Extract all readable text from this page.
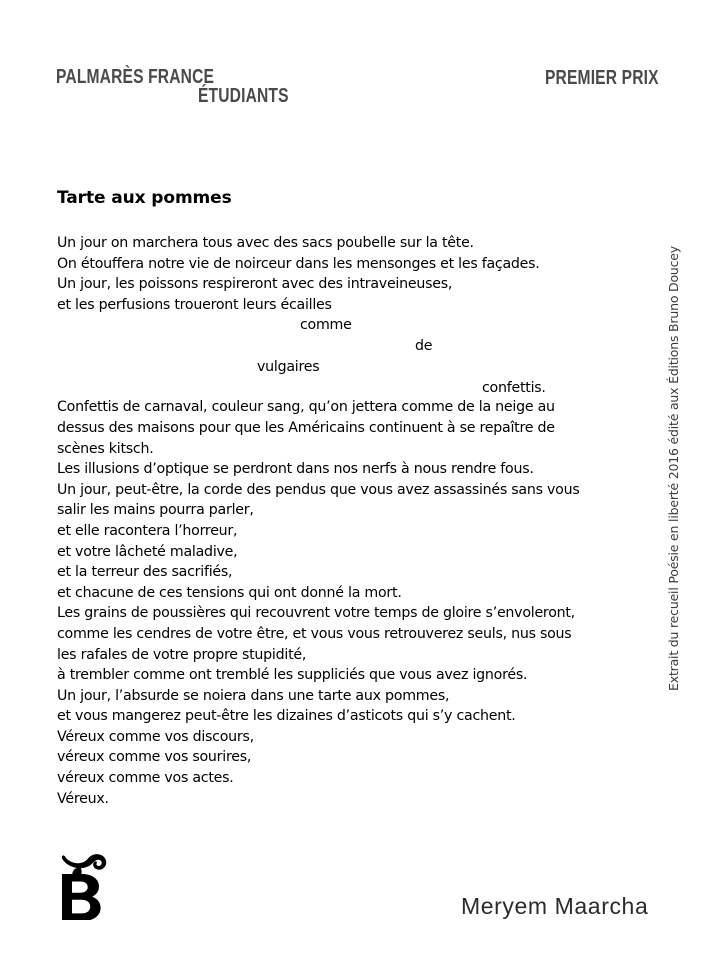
PALMARÈS FRANCE
ÉTUDIANTS
PREMIER PRIX
Tarte aux pommes
Un jour on marchera tous avec des sacs poubelle sur la tête.
On étouffera notre vie de noirceur dans les mensonges et les façades.
Un jour, les poissons respireront avec des intraveineuses,
et les perfusions troueront leurs écailles
comme
de
vulgaires
confettis.
Confettis de carnaval, couleur sang, qu’on jettera comme de la neige au
dessus des maisons pour que les Américains continuent à se repaître de
scènes kitsch.
Les illusions d’optique se perdront dans nos nerfs à nous rendre fous.
Un jour, peut-être, la corde des pendus que vous avez assassinés sans vous
salir les mains pourra parler,
et elle racontera l’horreur,
et votre lâcheté maladive,
et la terreur des sacrifiés,
et chacune de ces tensions qui ont donné la mort.
Les grains de poussières qui recouvrent votre temps de gloire s’envoleront,
comme les cendres de votre être, et vous vous retrouverez seuls, nus sous
les rafales de votre propre stupidité,
à trembler comme ont tremblé les suppliciés que vous avez ignorés.
Un jour, l’absurde se noiera dans une tarte aux pommes,
et vous mangerez peut-être les dizaines d’asticots qui s’y cachent.
Véreux comme vos discours,
véreux comme vos sourires,
véreux comme vos actes.
Véreux.
Extrait du recueil Poésie en liberté 2016 édité aux Éditions Bruno Doucey
Meryem Maarcha
